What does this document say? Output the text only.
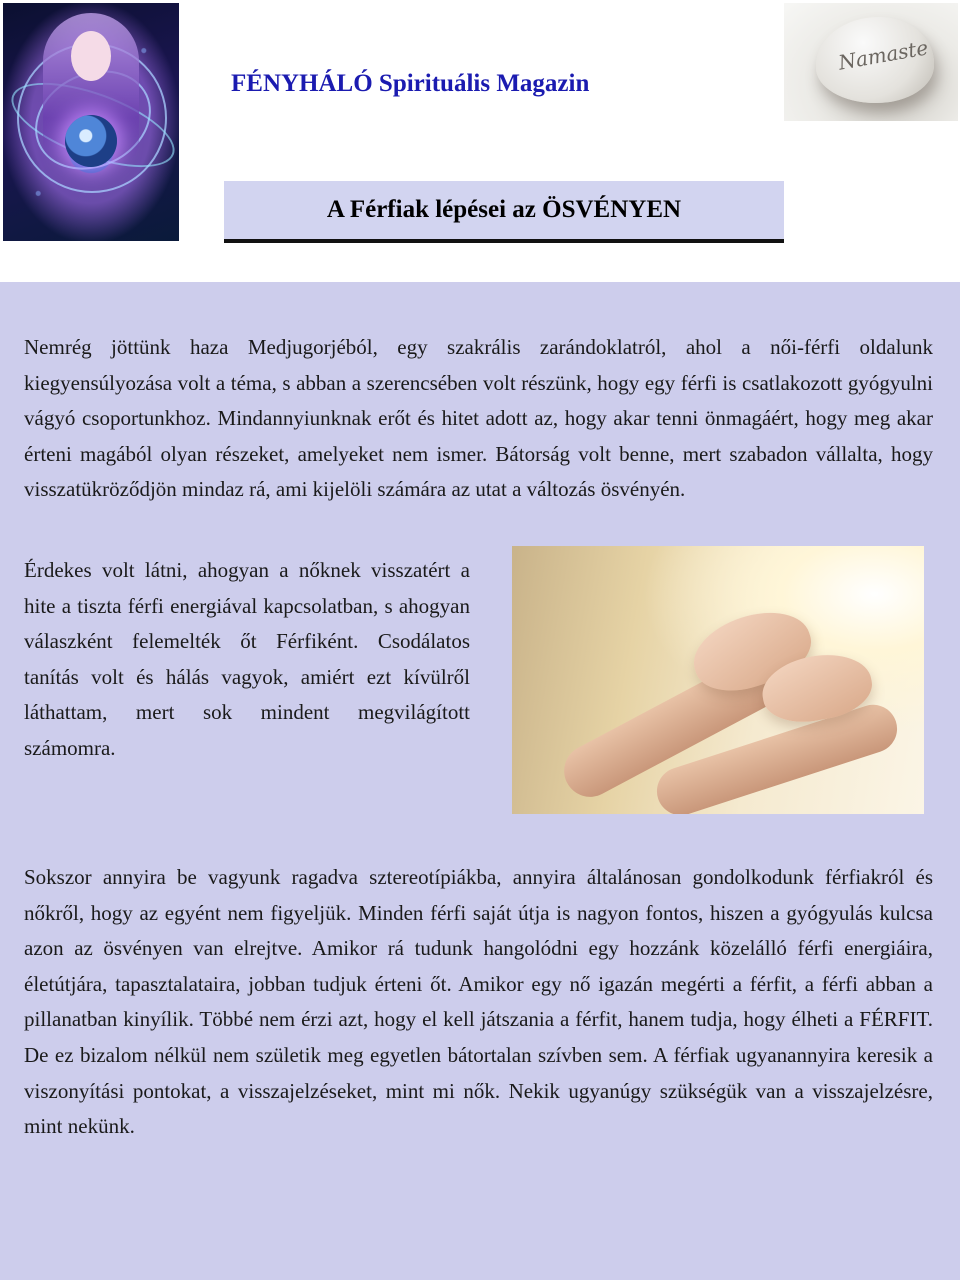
FÉNYHÁLÓ Spirituális Magazin
Namaste
A Férfiak lépései az ÖSVÉNYEN

Nemrég jöttünk haza Medjugorjéból, egy szakrális zarándoklatról, ahol a női-férfi oldalunk kiegyensúlyozása volt a téma, s abban a szerencsében volt részünk, hogy egy férfi is csatlakozott gyógyulni vágyó csoportunkhoz. Mindannyiunknak erőt és hitet adott az, hogy akar tenni önmagáért, hogy meg akar érteni magából olyan részeket, amelyeket nem ismer. Bátorság volt benne, mert szabadon vállalta, hogy visszatükröződjön mindaz rá, ami kijelöli számára az utat a változás ösvényén.

Érdekes volt látni, ahogyan a nőknek visszatért a hite a tiszta férfi energiával kapcsolatban, s ahogyan válaszként felemelték őt Férfiként. Csodálatos tanítás volt és hálás vagyok, amiért ezt kívülről láthattam, mert sok mindent megvilágított számomra.

Sokszor annyira be vagyunk ragadva sztereotípiákba, annyira általánosan gondolkodunk férfiakról és nőkről, hogy az egyént nem figyeljük. Minden férfi saját útja is nagyon fontos, hiszen a gyógyulás kulcsa azon az ösvényen van elrejtve. Amikor rá tudunk hangolódni egy hozzánk közelálló férfi energiáira, életútjára, tapasztalataira, jobban tudjuk érteni őt. Amikor egy nő igazán megérti a férfit, a férfi abban a pillanatban kinyílik. Többé nem érzi azt, hogy el kell játszania a férfit, hanem tudja, hogy élheti a FÉRFIT. De ez bizalom nélkül nem születik meg egyetlen bátortalan szívben sem. A férfiak ugyanannyira keresik a viszonyítási pontokat, a visszajelzéseket, mint mi nők. Nekik ugyanúgy szükségük van a visszajelzésre, mint nekünk.
